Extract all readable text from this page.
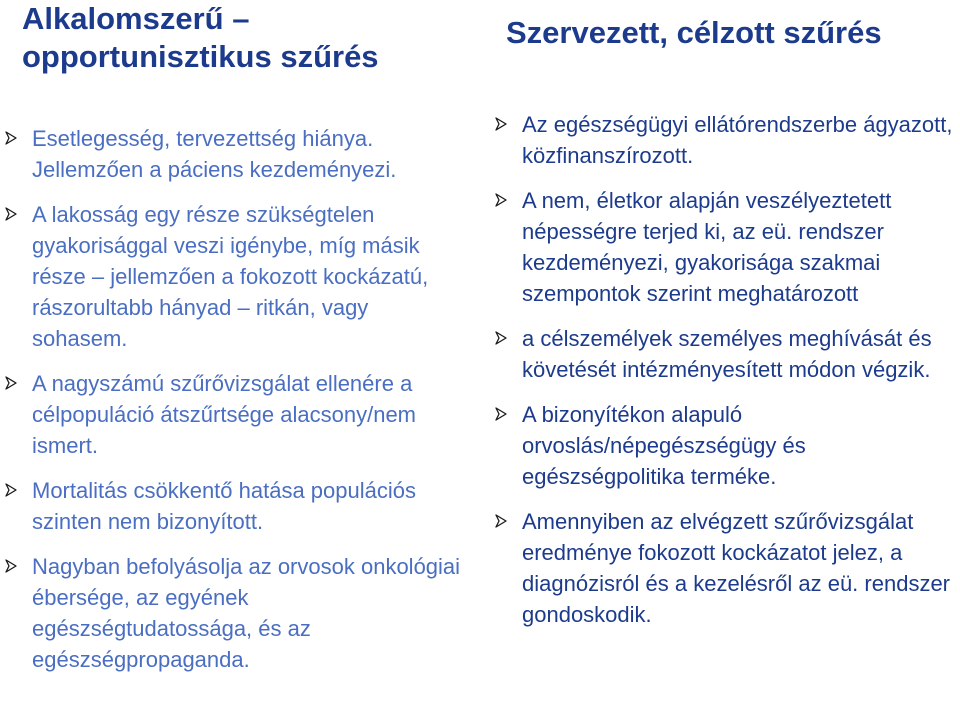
Alkalomszerű – opportunisztikus szűrés
Esetlegesség, tervezettség hiánya. Jellemzően a páciens kezdeményezi.
A lakosság egy része szükségtelen gyakorisággal veszi igénybe, míg másik része – jellemzően a fokozott kockázatú, rászorultabb hányad – ritkán, vagy sohasem.
A nagyszámú szűrővizsgálat ellenére a célpopuláció átszűrtsége alacsony/nem ismert.
Mortalitás csökkentő hatása populációs szinten nem bizonyított.
Nagyban befolyásolja az orvosok onkológiai ébersége, az egyének egészségtudatossága, és az egészségpropaganda.
Szervezett, célzott szűrés
Az egészségügyi ellátórendszerbe ágyazott, közfinanszírozott.
A nem, életkor alapján veszélyeztetett népességre terjed ki, az eü. rendszer kezdeményezi, gyakorisága szakmai szempontok szerint meghatározott
a célszemélyek személyes meghívását és követését intézményesített módon végzik.
A bizonyítékon alapuló orvoslás/népegészségügy és egészségpolitika terméke.
Amennyiben az elvégzett szűrővizsgálat eredménye fokozott kockázatot jelez, a diagnózisról és a kezelésről az eü. rendszer gondoskodik.
